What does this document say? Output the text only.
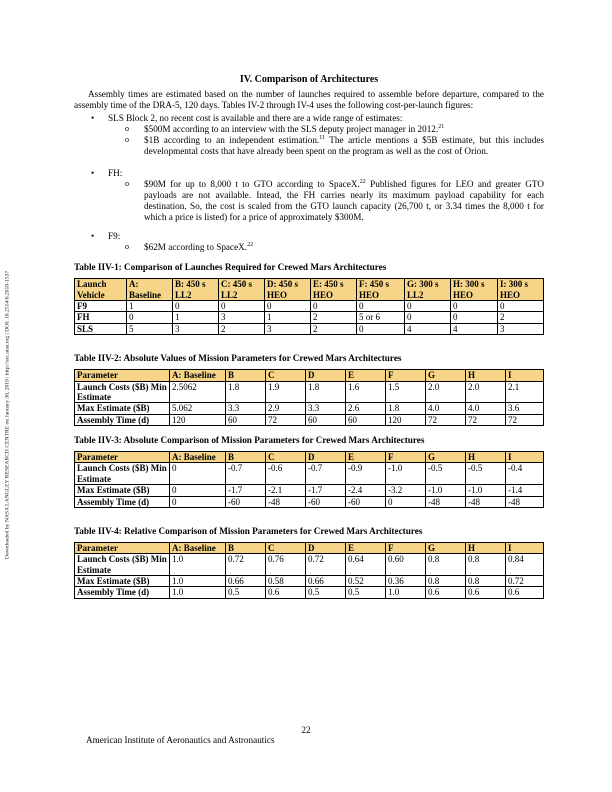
Downloaded by NASA LANGLEY RESEARCH CENTRE on January 30, 2018 | http://arc.aiaa.org | DOI: 10.2514/6.2018-1537
IV. Comparison of Architectures

Assembly times are estimated based on the number of launches required to assemble before departure, compared to the assembly time of the DRA-5, 120 days. Tables IV-2 through IV-4 uses the following cost-per-launch figures:

• SLS Block 2, no recent cost is available and there are a wide range of estimates:
o $500M according to an interview with the SLS deputy project manager in 2012.21
o $1B according to an independent estimation.$^{11}$ The article mentions a $5B estimate, but this includes developmental costs that have already been spent on the program as well as the cost of Orion.
• FH:
o $90M for up to 8,000 t to GTO according to SpaceX.$^{22}$ Published figures for LEO and greater GTO payloads are not available. Intead, the FH carries nearly its maximum payload capability for each destination. So, the cost is scaled from the GTO launch capacity (26,700 t, or 3.34 times the 8,000 t for which a price is listed) for a price of approximately $300M.
• F9:
o $62M according to SpaceX.$^{22}$
Table IIV-1: Comparison of Launches Required for Crewed Mars Architectures
Launch Vehicle	A: Baseline	B: 450 s LL2	C: 450 s LL2	D: 450 s HEO	E: 450 s HEO	F: 450 s HEO	G: 300 s LL2	H: 300 s HEO	I: 300 s HEO
F9	1	0	0	0	0	0	0	0	0
FH	0	1	3	1	2	5 or 6	0	0	2
SLS	5	3	2	3	2	0	4	4	3
Table IIV-2: Absolute Values of Mission Parameters for Crewed Mars Architectures
Parameter	A: Baseline	B	C	D	E	F	G	H	I
Launch Costs ($B) Min Estimate	2.5062	1.8	1.9	1.8	1.6	1.5	2.0	2.0	2.1
Max Estimate ($B)	5.062	3.3	2.9	3.3	2.6	1.8	4.0	4.0	3.6
Assembly Time (d)	120	60	72	60	60	120	72	72	72
Table IIV-3: Absolute Comparison of Mission Parameters for Crewed Mars Architectures
Parameter	A: Baseline	B	C	D	E	F	G	H	I
Launch Costs ($B) Min Estimate	0	-0.7	-0.6	-0.7	-0.9	-1.0	-0.5	-0.5	-0.4
Max Estimate ($B)	0	-1.7	-2.1	-1.7	-2.4	-3.2	-1.0	-1.0	-1.4
Assembly Time (d)	0	-60	-48	-60	-60	0	-48	-48	-48
Table IIV-4: Relative Comparison of Mission Parameters for Crewed Mars Architectures
Parameter	A: Baseline	B	C	D	E	F	G	H	I
Launch Costs ($B) Min Estimate	1.0	0.72	0.76	0.72	0.64	0.60	0.8	0.8	0.84
Max Estimate ($B)	1.0	0.66	0.58	0.66	0.52	0.36	0.8	0.8	0.72
Assembly Time (d)	1.0	0.5	0.6	0.5	0.5	1.0	0.6	0.6	0.6
22
American Institute of Aeronautics and Astronautics
